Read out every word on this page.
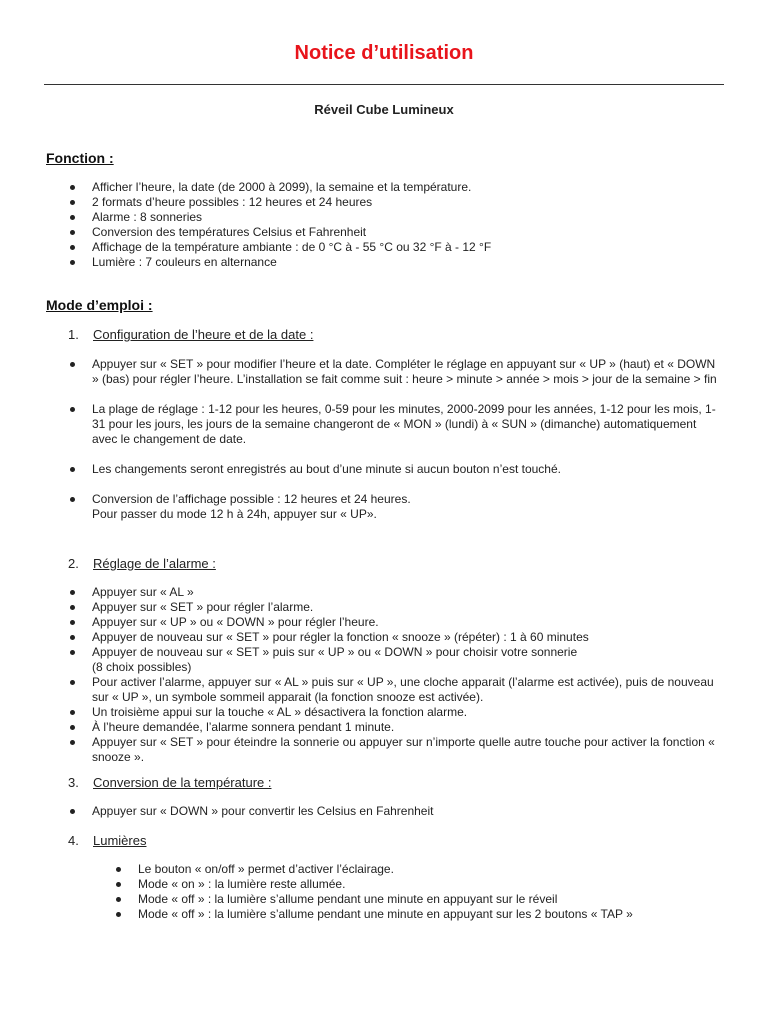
Notice d’utilisation
Réveil Cube Lumineux
Fonction :
Afficher l’heure, la date (de 2000 à 2099), la semaine et la température.
2 formats d’heure possibles : 12 heures et 24 heures
Alarme : 8 sonneries
Conversion des températures Celsius et Fahrenheit
Affichage de la température ambiante : de 0 °C à - 55 °C ou 32 °F à - 12 °F
Lumière : 7 couleurs en alternance
Mode d’emploi :
1. Configuration de l’heure et de la date :
Appuyer sur « SET » pour modifier l’heure et la date. Compléter le réglage en appuyant sur « UP » (haut) et « DOWN » (bas) pour régler l’heure. L’installation se fait comme suit : heure > minute > année > mois > jour de la semaine > fin
La plage de réglage : 1-12 pour les heures, 0-59 pour les minutes, 2000-2099 pour les années, 1-12 pour les mois, 1-31 pour les jours, les jours de la semaine changeront de « MON » (lundi) à « SUN » (dimanche) automatiquement avec le changement de date.
Les changements seront enregistrés au bout d’une minute si aucun bouton n’est touché.
Conversion de l’affichage possible : 12 heures et 24 heures.
Pour passer du mode 12 h à 24h, appuyer sur « UP».
2. Réglage de l’alarme :
Appuyer sur « AL »
Appuyer sur « SET » pour régler l’alarme.
Appuyer sur « UP » ou « DOWN » pour régler l’heure.
Appuyer de nouveau sur « SET » pour régler la fonction « snooze » (répéter) : 1 à 60 minutes
Appuyer de nouveau sur « SET » puis sur « UP » ou « DOWN » pour choisir votre sonnerie
(8 choix possibles)
Pour activer l’alarme, appuyer sur « AL » puis sur « UP », une cloche apparait (l’alarme est activée), puis de nouveau sur « UP », un symbole sommeil apparait (la fonction snooze est activée).
Un troisième appui sur la touche « AL » désactivera la fonction alarme.
À l’heure demandée, l’alarme sonnera pendant 1 minute.
Appuyer sur « SET » pour éteindre la sonnerie ou appuyer sur n’importe quelle autre touche pour activer la fonction « snooze ».
3. Conversion de la température :
Appuyer sur « DOWN » pour convertir les Celsius en Fahrenheit
4. Lumières
Le bouton « on/off » permet d’activer l’éclairage.
Mode « on » : la lumière reste allumée.
Mode « off » : la lumière s’allume pendant une minute en appuyant sur le réveil
Mode « off » : la lumière s’allume pendant une minute en appuyant sur les 2 boutons « TAP »
